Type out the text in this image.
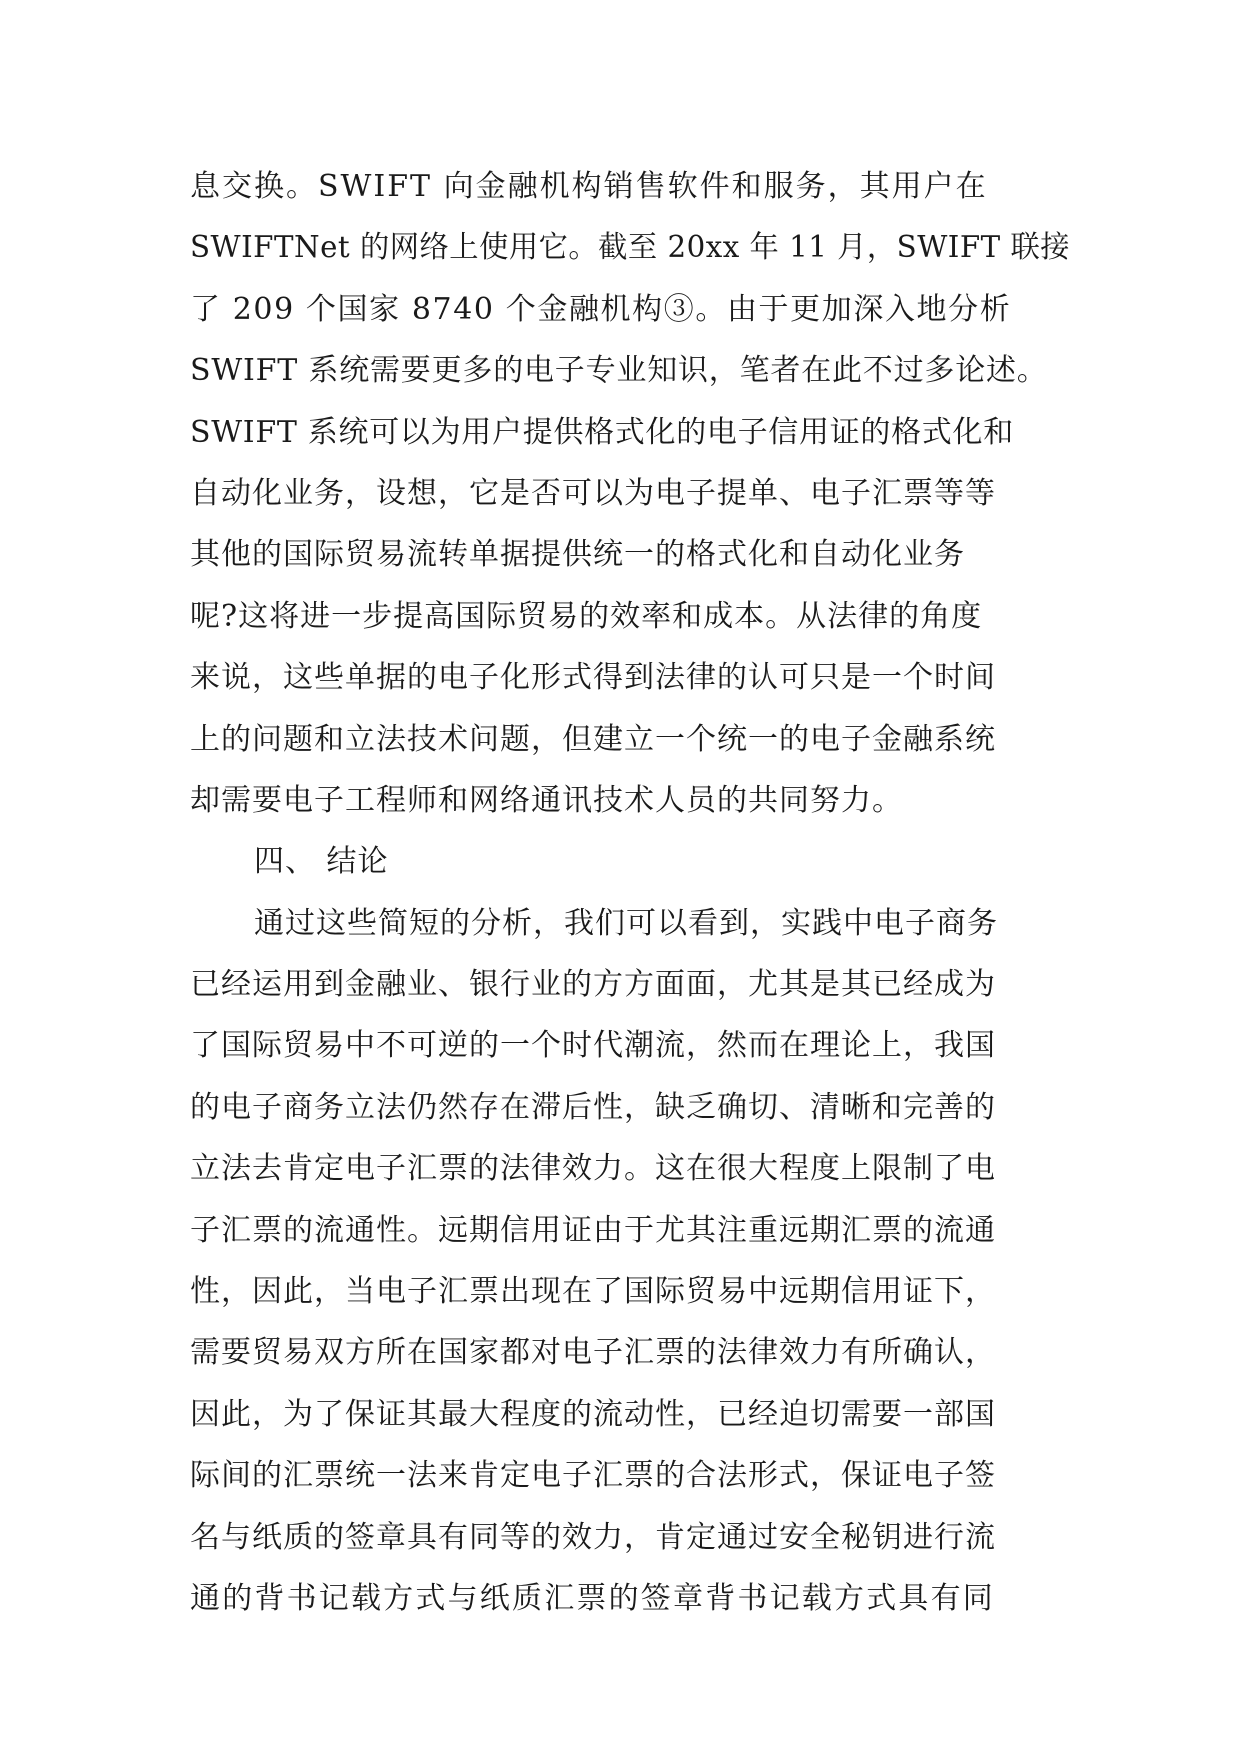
息交换。SWIFT 向金融机构销售软件和服务，其用户在
SWIFTNet 的网络上使用它。截至 20xx 年 11 月，SWIFT 联接
了 209 个国家 8740 个金融机构③。由于更加深入地分析
SWIFT 系统需要更多的电子专业知识，笔者在此不过多论述。
SWIFT 系统可以为用户提供格式化的电子信用证的格式化和
自动化业务，设想，它是否可以为电子提单、电子汇票等等
其他的国际贸易流转单据提供统一的格式化和自动化业务
呢?这将进一步提高国际贸易的效率和成本。从法律的角度
来说，这些单据的电子化形式得到法律的认可只是一个时间
上的问题和立法技术问题，但建立一个统一的电子金融系统
却需要电子工程师和网络通讯技术人员的共同努力。
四、 结论
通过这些简短的分析，我们可以看到，实践中电子商务
已经运用到金融业、银行业的方方面面，尤其是其已经成为
了国际贸易中不可逆的一个时代潮流，然而在理论上，我国
的电子商务立法仍然存在滞后性，缺乏确切、清晰和完善的
立法去肯定电子汇票的法律效力。这在很大程度上限制了电
子汇票的流通性。远期信用证由于尤其注重远期汇票的流通
性，因此，当电子汇票出现在了国际贸易中远期信用证下，
需要贸易双方所在国家都对电子汇票的法律效力有所确认，
因此，为了保证其最大程度的流动性，已经迫切需要一部国
际间的汇票统一法来肯定电子汇票的合法形式，保证电子签
名与纸质的签章具有同等的效力，肯定通过安全秘钥进行流
通的背书记载方式与纸质汇票的签章背书记载方式具有同
